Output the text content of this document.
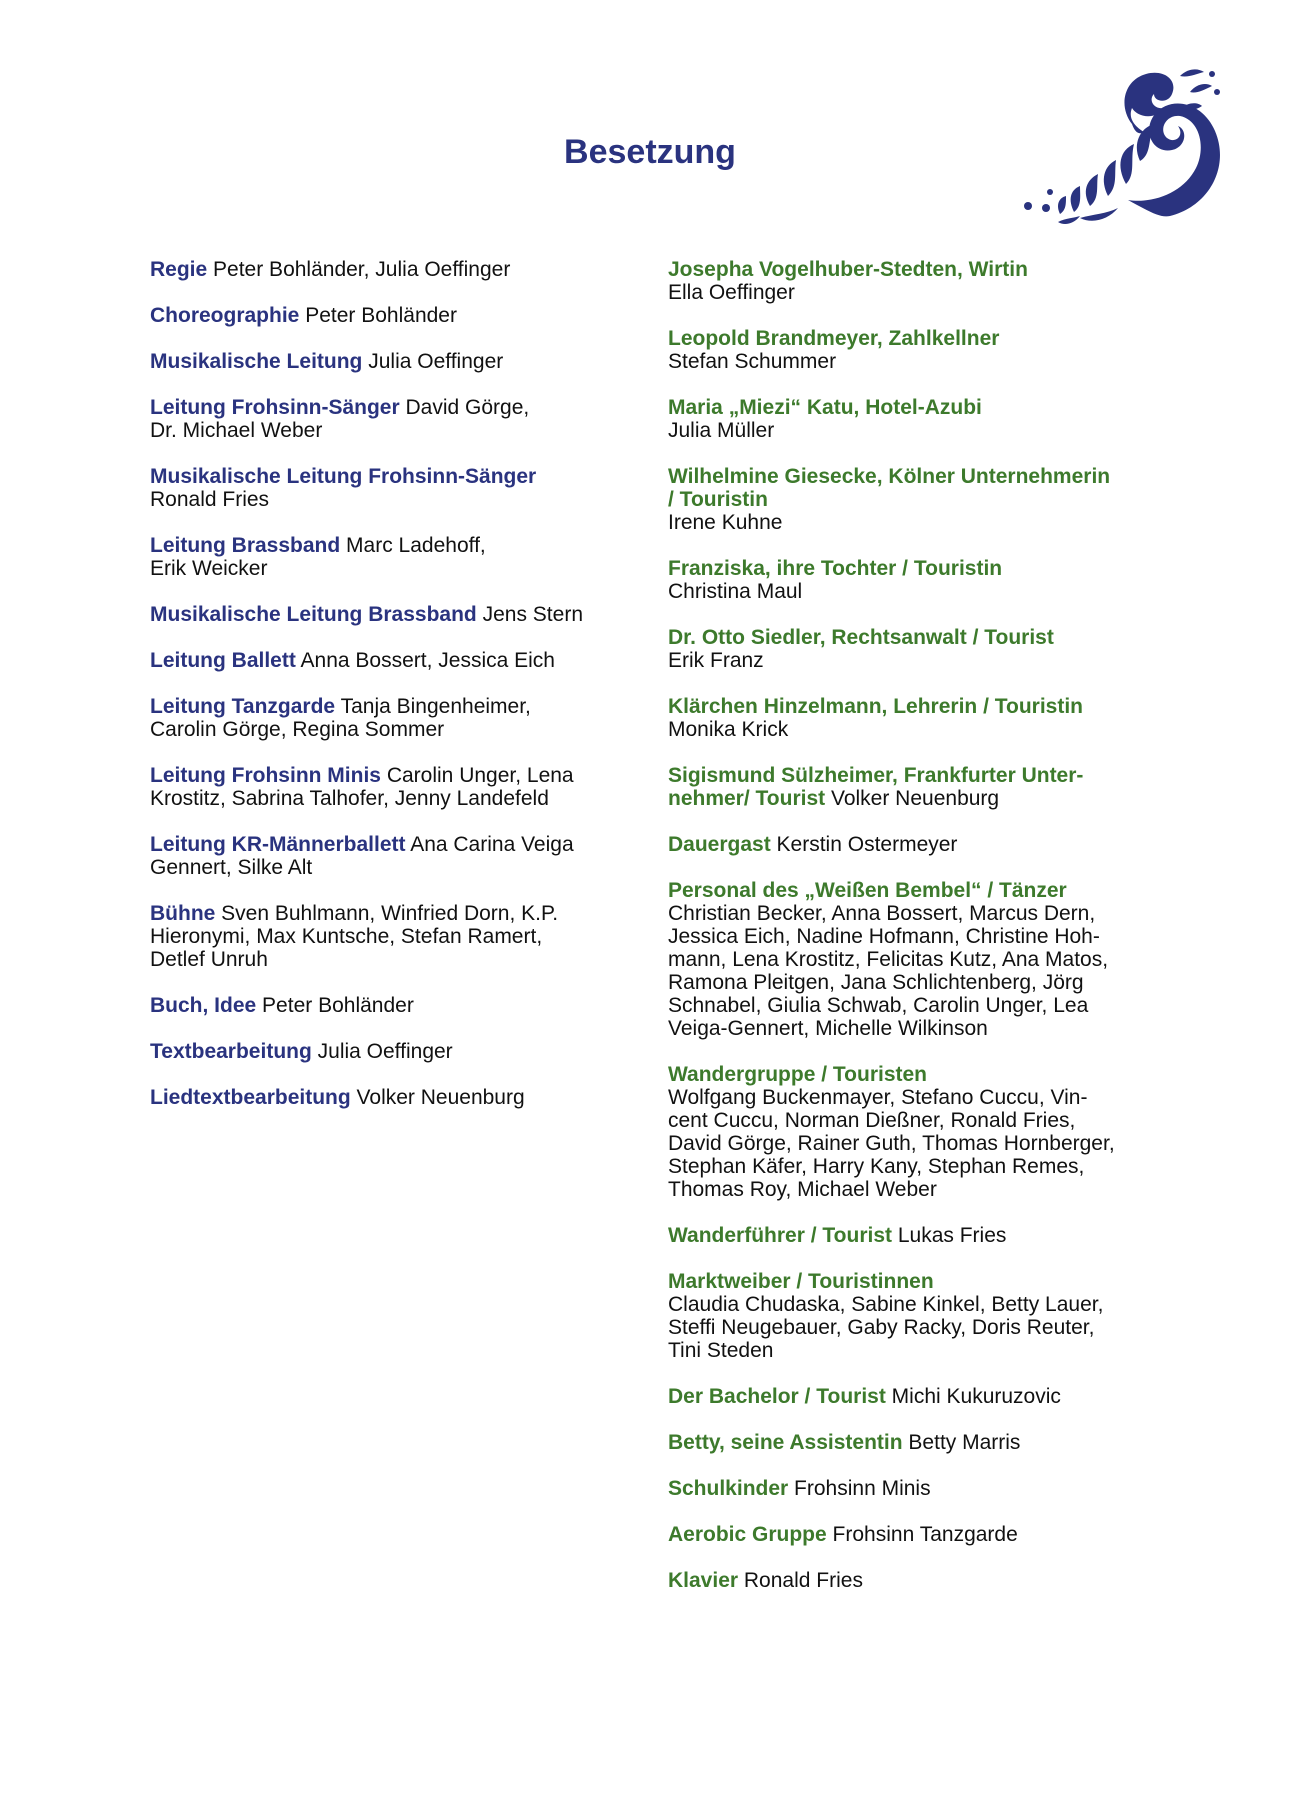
Besetzung
Regie Peter Bohländer, Julia Oeffinger
Choreographie Peter Bohländer
Musikalische Leitung Julia Oeffinger
Leitung Frohsinn-Sänger David Görge,
Dr. Michael Weber
Musikalische Leitung Frohsinn-Sänger
Ronald Fries
Leitung Brassband Marc Ladehoff,
Erik Weicker
Musikalische Leitung Brassband Jens Stern
Leitung Ballett Anna Bossert, Jessica Eich
Leitung Tanzgarde Tanja Bingenheimer,
Carolin Görge, Regina Sommer
Leitung Frohsinn Minis Carolin Unger, Lena
Krostitz, Sabrina Talhofer, Jenny Landefeld
Leitung KR-Männerballett Ana Carina Veiga
Gennert, Silke Alt
Bühne Sven Buhlmann, Winfried Dorn, K.P.
Hieronymi, Max Kuntsche, Stefan Ramert,
Detlef Unruh
Buch, Idee Peter Bohländer
Textbearbeitung Julia Oeffinger
Liedtextbearbeitung Volker Neuenburg
Josepha Vogelhuber-Stedten, Wirtin
Ella Oeffinger
Leopold Brandmeyer, Zahlkellner
Stefan Schummer
Maria „Miezi“ Katu, Hotel-Azubi
Julia Müller
Wilhelmine Giesecke, Kölner Unternehmerin
/ Touristin
Irene Kuhne
Franziska, ihre Tochter / Touristin
Christina Maul
Dr. Otto Siedler, Rechtsanwalt / Tourist
Erik Franz
Klärchen Hinzelmann, Lehrerin / Touristin
Monika Krick
Sigismund Sülzheimer, Frankfurter Unter-
nehmer/ Tourist Volker Neuenburg
Dauergast Kerstin Ostermeyer
Personal des „Weißen Bembel“ / Tänzer
Christian Becker, Anna Bossert, Marcus Dern,
Jessica Eich, Nadine Hofmann, Christine Hoh-
mann, Lena Krostitz, Felicitas Kutz, Ana Matos,
Ramona Pleitgen, Jana Schlichtenberg, Jörg
Schnabel, Giulia Schwab, Carolin Unger, Lea
Veiga-Gennert, Michelle Wilkinson
Wandergruppe / Touristen
Wolfgang Buckenmayer, Stefano Cuccu, Vin-
cent Cuccu, Norman Dießner, Ronald Fries,
David Görge, Rainer Guth, Thomas Hornberger,
Stephan Käfer, Harry Kany, Stephan Remes,
Thomas Roy, Michael Weber
Wanderführer / Tourist Lukas Fries
Marktweiber / Touristinnen
Claudia Chudaska, Sabine Kinkel, Betty Lauer,
Steffi Neugebauer, Gaby Racky, Doris Reuter,
Tini Steden
Der Bachelor / Tourist Michi Kukuruzovic
Betty, seine Assistentin Betty Marris
Schulkinder Frohsinn Minis
Aerobic Gruppe Frohsinn Tanzgarde
Klavier Ronald Fries
